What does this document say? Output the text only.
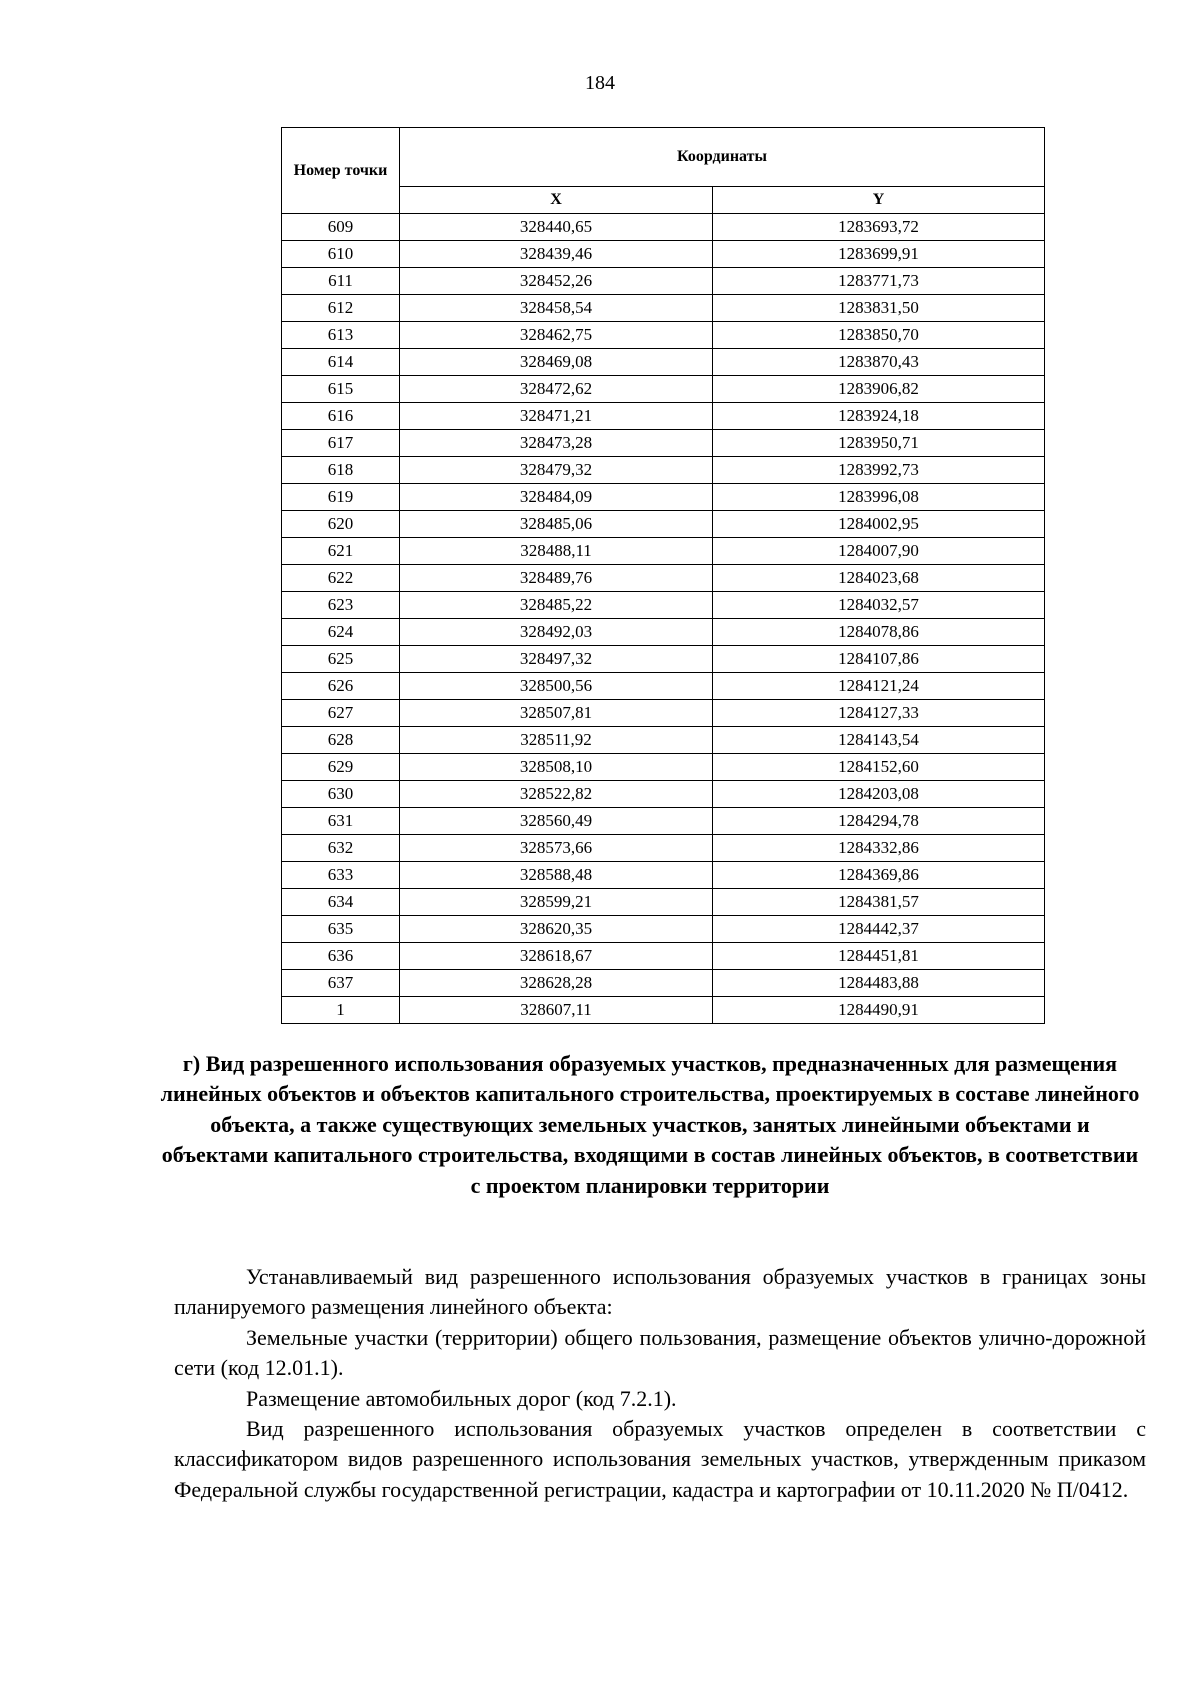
184
Номер точки	Координаты	
	X	Y
609	328440,65	1283693,72
610	328439,46	1283699,91
611	328452,26	1283771,73
612	328458,54	1283831,50
613	328462,75	1283850,70
614	328469,08	1283870,43
615	328472,62	1283906,82
616	328471,21	1283924,18
617	328473,28	1283950,71
618	328479,32	1283992,73
619	328484,09	1283996,08
620	328485,06	1284002,95
621	328488,11	1284007,90
622	328489,76	1284023,68
623	328485,22	1284032,57
624	328492,03	1284078,86
625	328497,32	1284107,86
626	328500,56	1284121,24
627	328507,81	1284127,33
628	328511,92	1284143,54
629	328508,10	1284152,60
630	328522,82	1284203,08
631	328560,49	1284294,78
632	328573,66	1284332,86
633	328588,48	1284369,86
634	328599,21	1284381,57
635	328620,35	1284442,37
636	328618,67	1284451,81
637	328628,28	1284483,88
1	328607,11	1284490,91
г) Вид разрешенного использования образуемых участков, предназначенных для размещения линейных объектов и объектов капитального строительства, проектируемых в составе линейного объекта, а также существующих земельных участков, занятых линейными объектами и объектами капитального строительства, входящими в состав линейных объектов, в соответствии с проектом планировки территории

Устанавливаемый вид разрешенного использования образуемых участков в границах зоны планируемого размещения линейного объекта:

Земельные участки (территории) общего пользования, размещение объектов улично-дорожной сети (код 12.01.1).

Размещение автомобильных дорог (код 7.2.1).

Вид разрешенного использования образуемых участков определен в соответствии с классификатором видов разрешенного использования земельных участков, утвержденным приказом Федеральной службы государственной регистрации, кадастра и картографии от 10.11.2020 № П/0412.
